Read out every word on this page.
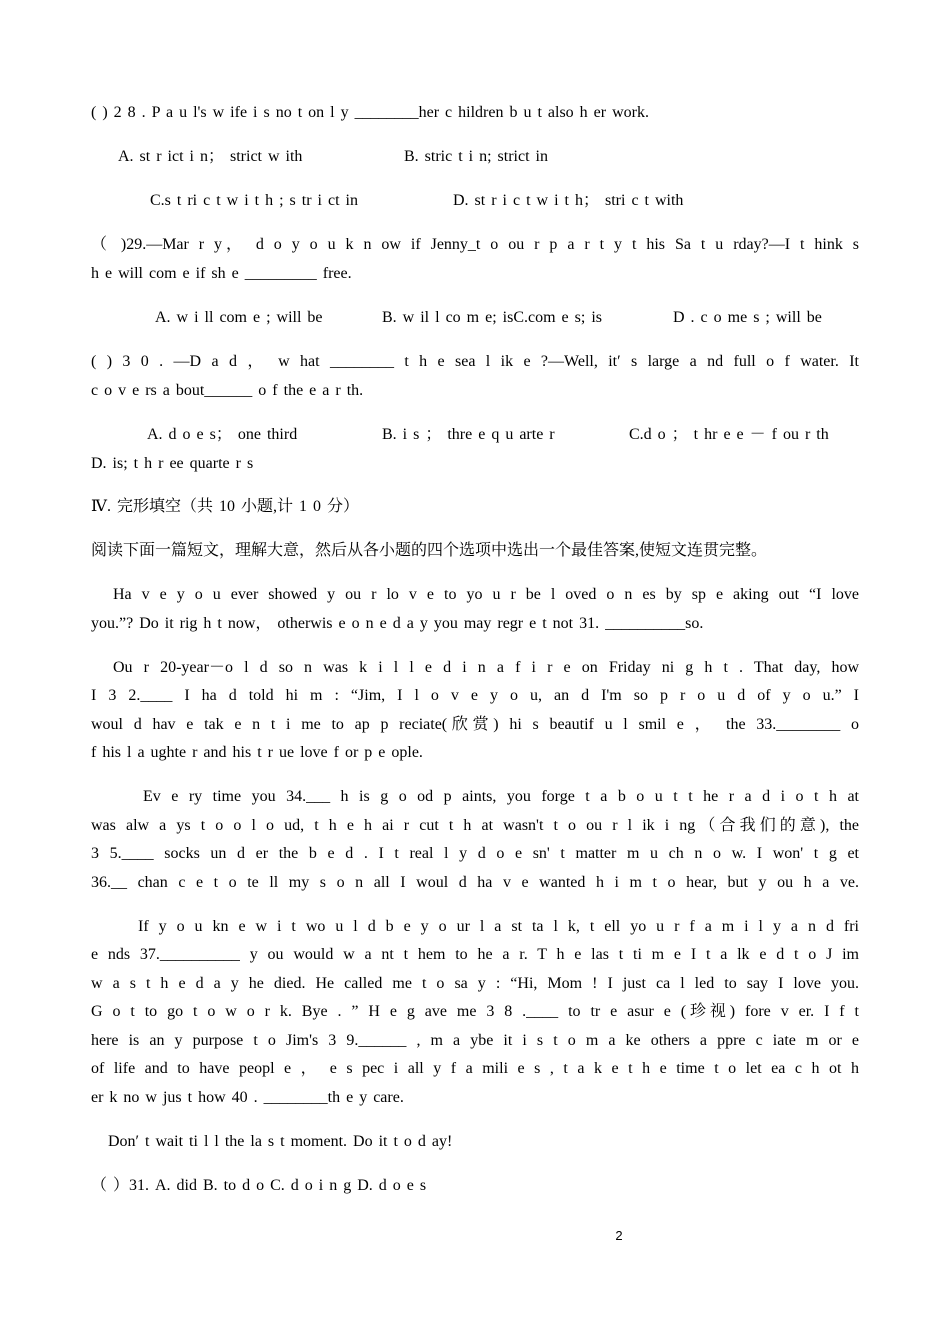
( ) 2 8 . P a u l's w ife i s no t on l y ________her c hildren b u t also h er work.
A. st r ict i n； strict w ith	B. stric t i n; strict in
C.s t ri c t w i t h ; s tr i ct in	D. st r i c t w i t h； stri c t with
（ )29.—Mar r y， d o y o u k n ow if Jenny_t o ou r p a r t y t his Sa t u rday?—I t hink s
h e will com e if sh e _________ free.
A. w i ll com e ; will be	B. w il l co m e; isC.com e s; is	D . c o me s ; will be
( ) 3 0 . —D a d ， w hat ________ t h e sea l ik e ?—Well, it′ s large a nd full o f water. It
c o v e rs a bout______ o f the e a r th.
A. d o e s； one third	B. i s ； thre e q u arte r	C.d o ； t hr e e － f ou r th
D. is; t h r ee quarte r s
Ⅳ. 完形填空（共 10 小题,计 1 0 分）
阅读下面一篇短文，理解大意，然后从各小题的四个选项中选出一个最佳答案,使短文连贯完整。
Ha v e y o u ever showed y ou r lo v e to yo u r be l oved o n es by sp e aking out “I love
you.”? Do it rig h t now， otherwis e o n e d a y you may regr e t not 31. __________so.
Ou r 20-year－o l d so n was k i l l e d i n a f i r e on Friday ni g h t . That day, how
I 3 2.____ I ha d told hi m : “Jim, I l o v e y o u, an d I'm so p r o u d of y o u.” I
woul d hav e tak e n t i me to ap p reciate(欣赏) hi s beautif u l smil e ， the 33.________ o
f his l a ughte r and his t r ue love f or p e ople.
Ev e ry time you 34.___ h is g o od p aints, you forge t a b o u t t he r a d i o t h at
was alw a ys t o o l o ud, t h e h ai r cut t h at wasn't t o ou r l ik i ng（合我们的意), the
3 5.____ socks un d er the b e d . I t real l y d o e sn' t matter m u ch n o w. I won' t g et
36.__ chan c e t o te ll my s o n all I woul d ha v e wanted h i m t o hear, but y ou h a ve.
If y o u kn e w i t wo u l d b e y o ur l a st ta l k, t ell yo u r f a m i l y a n d fri
e nds 37.__________ y ou would w a nt t hem to he a r. T h e las t ti m e I t a lk e d t o J im
w a s t h e d a y he died. He called me t o sa y : “Hi, Mom ! I just ca l led to say I love you.
G o t to go t o w o r k. Bye . ” H e g ave me 3 8 .____ to tr e asur e (珍视) fore v er. I f t
here is an y purpose t o Jim's 3 9.______ , m a ybe it i s t o m a ke others a ppre c iate m or e
of life and to have peopl e ， e s pec i all y f a mili e s , t a k e t h e time t o let ea c h ot h
er k no w jus t how 40 . ________th e y care.
Don′ t wait ti l l the la s t moment. Do it t o d ay!
（ ）31. A. did B. to d o C. d o i n g D. d o e s
2
